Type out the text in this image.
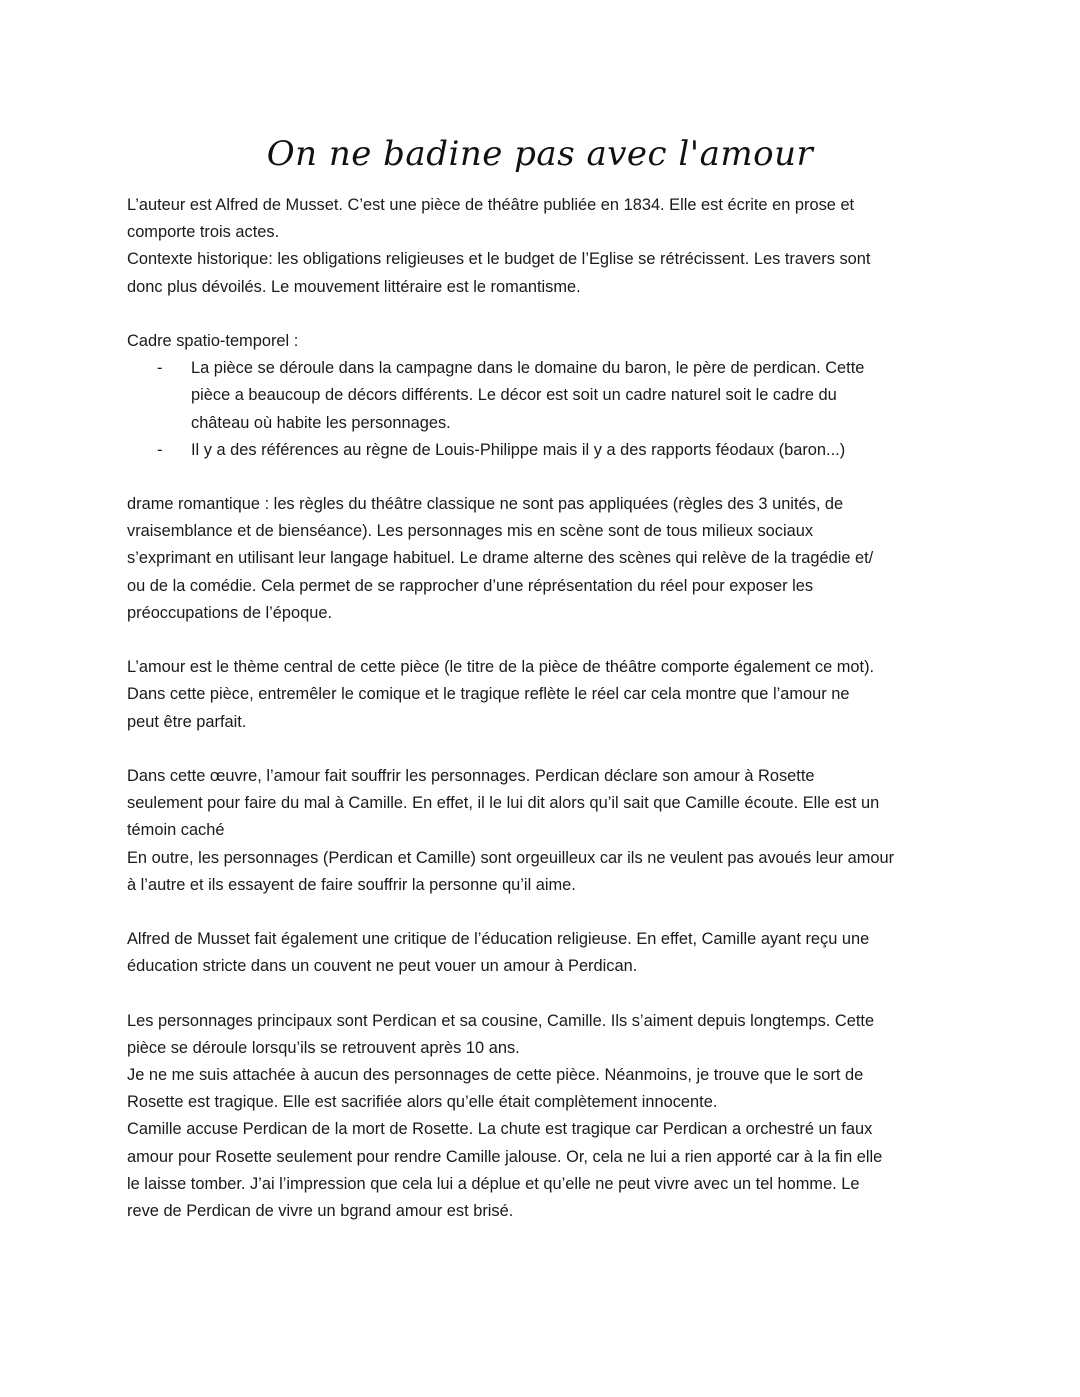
On ne badine pas avec l'amour
L’auteur est Alfred de Musset. C’est une pièce de théâtre publiée en 1834. Elle est écrite en prose et
comporte trois actes.
Contexte historique: les obligations religieuses et le budget de l’Eglise se rétrécissent. Les travers sont
donc plus dévoilés. Le mouvement littéraire est le romantisme.
Cadre spatio-temporel :
- La pièce se déroule dans la campagne dans le domaine du baron, le père de perdican. Cette
pièce a beaucoup de décors différents. Le décor est soit un cadre naturel soit le cadre du
château où habite les personnages.
- Il y a des références au règne de Louis-Philippe mais il y a des rapports féodaux (baron...)
drame romantique : les règles du théâtre classique ne sont pas appliquées (règles des 3 unités, de
vraisemblance et de bienséance). Les personnages mis en scène sont de tous milieux sociaux
s’exprimant en utilisant leur langage habituel. Le drame alterne des scènes qui relève de la tragédie et/
ou de la comédie. Cela permet de se rapprocher d’une réprésentation du réel pour exposer les
préoccupations de l’époque.
L’amour est le thème central de cette pièce (le titre de la pièce de théâtre comporte également ce mot).
Dans cette pièce, entremêler le comique et le tragique reflète le réel car cela montre que l’amour ne
peut être parfait.
Dans cette œuvre, l’amour fait souffrir les personnages. Perdican déclare son amour à Rosette
seulement pour faire du mal à Camille. En effet, il le lui dit alors qu’il sait que Camille écoute. Elle est un
témoin caché
En outre, les personnages (Perdican et Camille) sont orgeuilleux car ils ne veulent pas avoués leur amour
à l’autre et ils essayent de faire souffrir la personne qu’il aime.
Alfred de Musset fait également une critique de l’éducation religieuse. En effet, Camille ayant reçu une
éducation stricte dans un couvent ne peut vouer un amour à Perdican.
Les personnages principaux sont Perdican et sa cousine, Camille. Ils s’aiment depuis longtemps. Cette
pièce se déroule lorsqu’ils se retrouvent après 10 ans.
Je ne me suis attachée à aucun des personnages de cette pièce. Néanmoins, je trouve que le sort de
Rosette est tragique. Elle est sacrifiée alors qu’elle était complètement innocente.
Camille accuse Perdican de la mort de Rosette. La chute est tragique car Perdican a orchestré un faux
amour pour Rosette seulement pour rendre Camille jalouse. Or, cela ne lui a rien apporté car à la fin elle
le laisse tomber. J’ai l’impression que cela lui a déplue et qu’elle ne peut vivre avec un tel homme. Le
reve de Perdican de vivre un bgrand amour est brisé.
